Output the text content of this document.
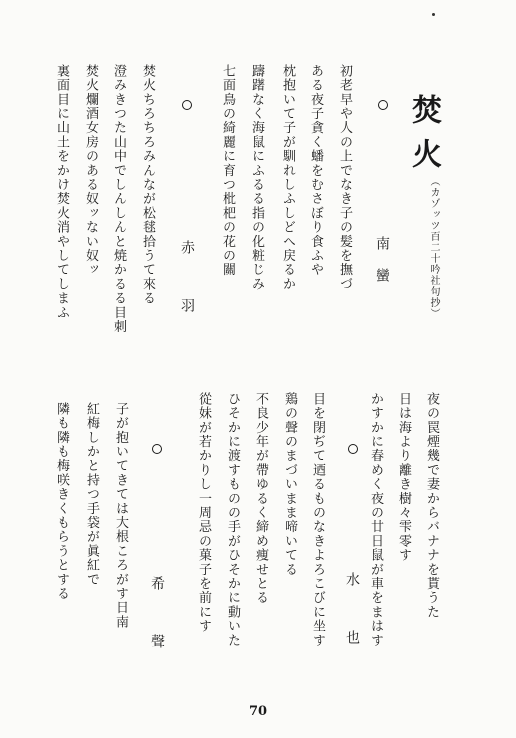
焚火
（カゾッツ百二十吟社句抄）
南蠻
初老早や人の上でなき子の髪を撫づ
ある夜子貪く蟠をむさぼり食ふや
枕抱いて子が馴れしふしどへ戻るか
躊躇なく海鼠にふるる指の化粧じみ
七面鳥の綺麗に育つ枇杷の花の關
赤羽
焚火ちろちろみんなが松毬拾うて來る
澄みきつた山中でしんしんと焼かるる目刺
焚火爛酒女房のある奴ッない奴ッ
裏面目に山土をかけ焚火消やしてしまふ
夜の罠煙幾で妻からバナナを貰うた
日は海より離き樹々雫零す
かすかに春めく夜の廿日鼠が車をまはす
水也
目を閉ぢて迺るものなきよろこびに坐す
鶏の聲のまづいまま啼いてる
不良少年が帶ゆるく締め痩せとる
ひそかに渡すものの手がひそかに動いた
從妹が若かりし一周忌の菓子を前にす
希聲
子が抱いてきては大根ころがす日南
紅梅しかと持つ手袋が眞紅で
隣も隣も梅咲きくもらうとする
70
